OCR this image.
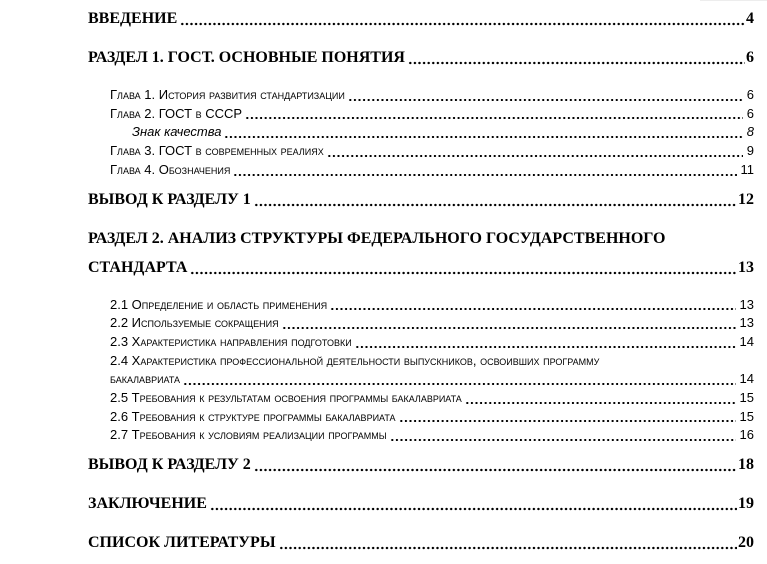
ВВЕДЕНИЕ	4
РАЗДЕЛ 1. ГОСТ. ОСНОВНЫЕ ПОНЯТИЯ	6
Глава 1. История развития стандартизации	6
Глава 2. ГОСТ в СССР	6
Знак качества	8
Глава 3. ГОСТ в современных реалиях	9
Глава 4. Обозначения	11
ВЫВОД К РАЗДЕЛУ 1	12
РАЗДЕЛ 2. АНАЛИЗ СТРУКТУРЫ ФЕДЕРАЛЬНОГО ГОСУДАРСТВЕННОГО
СТАНДАРТА	13
2.1 Определение и область применения	13
2.2 Используемые сокращения	13
2.3 Характеристика направления подготовки	14
2.4 Характеристика профессиональной деятельности выпускников, освоивших программу
бакалавриата	14
2.5 Требования к результатам освоения программы бакалавриата	15
2.6 Требования к структуре программы бакалавриата	15
2.7 Требования к условиям реализации программы	16
ВЫВОД К РАЗДЕЛУ 2	18
ЗАКЛЮЧЕНИЕ	19
СПИСОК ЛИТЕРАТУРЫ	20
